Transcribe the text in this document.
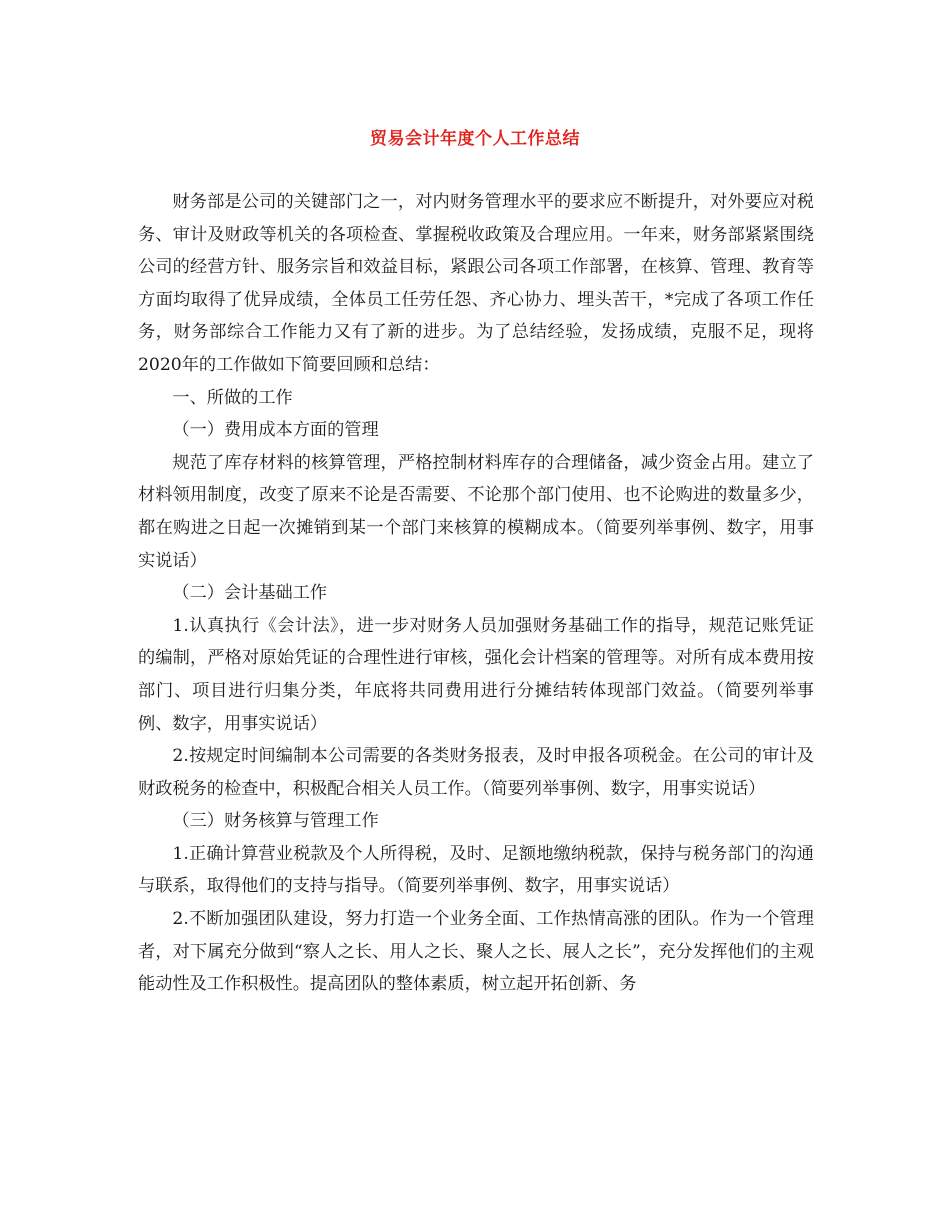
贸易会计年度个人工作总结

财务部是公司的关键部门之一，对内财务管理水平的要求应不断提升，对外要应对税务、审计及财政等机关的各项检查、掌握税收政策及合理应用。一年来，财务部紧紧围绕公司的经营方针、服务宗旨和效益目标，紧跟公司各项工作部署，在核算、管理、教育等方面均取得了优异成绩，全体员工任劳任怨、齐心协力、埋头苦干，*完成了各项工作任务，财务部综合工作能力又有了新的进步。为了总结经验，发扬成绩，克服不足，现将2020年的工作做如下简要回顾和总结：

一、所做的工作

（一）费用成本方面的管理

规范了库存材料的核算管理，严格控制材料库存的合理储备，减少资金占用。建立了材料领用制度，改变了原来不论是否需要、不论那个部门使用、也不论购进的数量多少，都在购进之日起一次摊销到某一个部门来核算的模糊成本。（简要列举事例、数字，用事实说话）

（二）会计基础工作

1.认真执行《会计法》，进一步对财务人员加强财务基础工作的指导，规范记账凭证的编制，严格对原始凭证的合理性进行审核，强化会计档案的管理等。对所有成本费用按部门、项目进行归集分类，年底将共同费用进行分摊结转体现部门效益。（简要列举事例、数字，用事实说话）

2.按规定时间编制本公司需要的各类财务报表，及时申报各项税金。在公司的审计及财政税务的检查中，积极配合相关人员工作。（简要列举事例、数字，用事实说话）

（三）财务核算与管理工作

1.正确计算营业税款及个人所得税，及时、足额地缴纳税款，保持与税务部门的沟通与联系，取得他们的支持与指导。（简要列举事例、数字，用事实说话）

2.不断加强团队建设，努力打造一个业务全面、工作热情高涨的团队。作为一个管理者，对下属充分做到“察人之长、用人之长、聚人之长、展人之长”，充分发挥他们的主观能动性及工作积极性。提高团队的整体素质，树立起开拓创新、务
